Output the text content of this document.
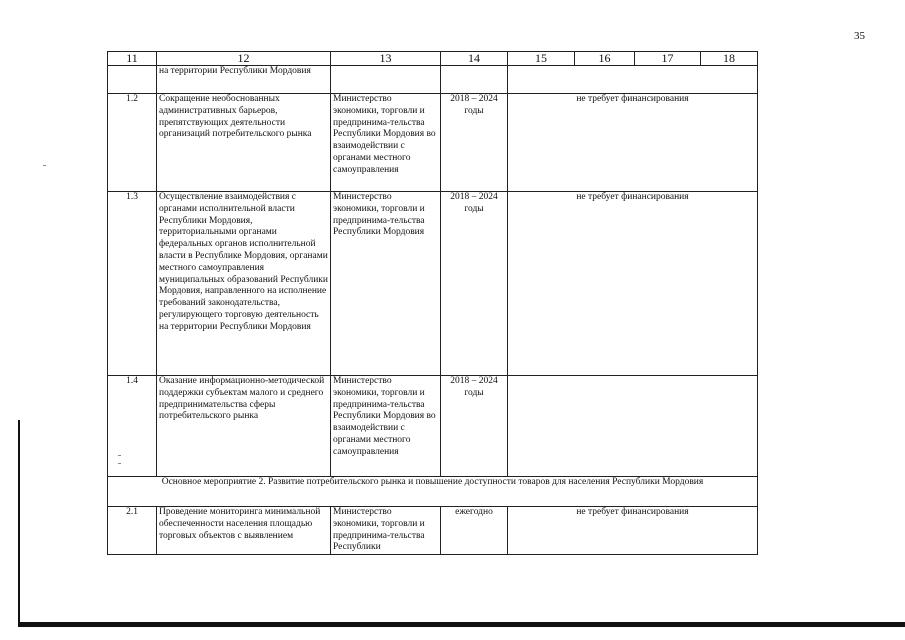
35
11	12	13	14	15	16	17	18
	на территории Республики Мордовия						
1.2	Сокращение необоснованных административных барьеров, препятствующих деятельности организаций потребительского рынка	Министерство экономики, торговли и предпринима-тельства Республики Мордовия во взаимодействии с органами местного самоуправления	2018 – 2024 годы	не требует финансирования			
1.3	Осуществление взаимодействия с органами исполнительной власти Республики Мордовия, территориальными органами федеральных органов исполнительной власти в Республике Мордовия, органами местного самоуправления муниципальных образований Республики Мордовия, направленного на исполнение требований законодательства, регулирующего торговую деятельность на территории Республики Мордовия	Министерство экономики, торговли и предпринима-тельства Республики Мордовия	2018 – 2024 годы	не требует финансирования			
1.4	Оказание информационно-методической поддержки субъектам малого и среднего предпринимательства сферы потребительского рынка	Министерство экономики, торговли и предпринима-тельства Республики Мордовия во взаимодействии с органами местного самоуправления	2018 – 2024 годы				
Основное мероприятие 2. Развитие потребительского рынка и повышение доступности товаров для населения Республики Мордовия							
2.1	Проведение мониторинга минимальной обеспеченности населения площадью торговых объектов с выявлением	Министерство экономики, торговли и предпринима-тельства Республики	ежегодно	не требует финансирования			
